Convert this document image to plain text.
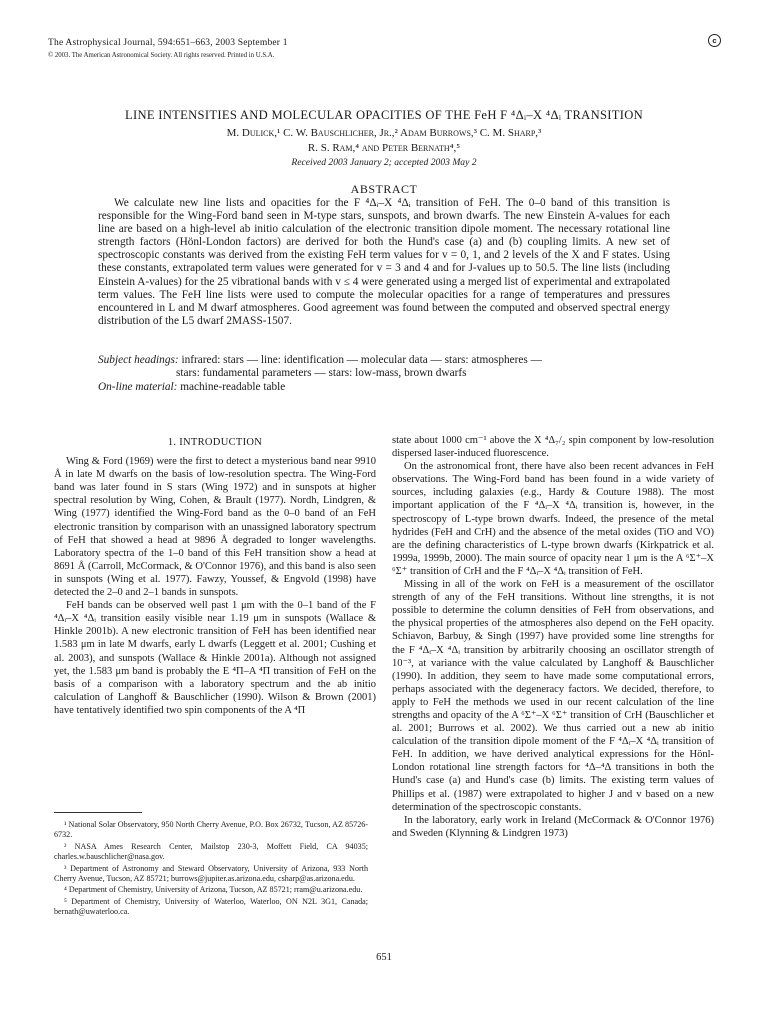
The Astrophysical Journal, 594:651–663, 2003 September 1
© 2003. The American Astronomical Society. All rights reserved. Printed in U.S.A.
c
LINE INTENSITIES AND MOLECULAR OPACITIES OF THE FeH F ⁴Δᵢ–X ⁴Δᵢ TRANSITION
M. Dulick,¹ C. W. Bauschlicher, Jr.,² Adam Burrows,³ C. M. Sharp,³
R. S. Ram,⁴ and Peter Bernath⁴,⁵
Received 2003 January 2; accepted 2003 May 2
ABSTRACT

We calculate new line lists and opacities for the F ⁴Δᵢ–X ⁴Δᵢ transition of FeH. The 0–0 band of this transition is responsible for the Wing-Ford band seen in M-type stars, sunspots, and brown dwarfs. The new Einstein A-values for each line are based on a high-level ab initio calculation of the electronic transition dipole moment. The necessary rotational line strength factors (Hönl-London factors) are derived for both the Hund's case (a) and (b) coupling limits. A new set of spectroscopic constants was derived from the existing FeH term values for v = 0, 1, and 2 levels of the X and F states. Using these constants, extrapolated term values were generated for v = 3 and 4 and for J-values up to 50.5. The line lists (including Einstein A-values) for the 25 vibrational bands with v ≤ 4 were generated using a merged list of experimental and extrapolated term values. The FeH line lists were used to compute the molecular opacities for a range of temperatures and pressures encountered in L and M dwarf atmospheres. Good agreement was found between the computed and observed spectral energy distribution of the L5 dwarf 2MASS-1507.

Subject headings: infrared: stars — line: identification — molecular data — stars: atmospheres —
stars: fundamental parameters — stars: low-mass, brown dwarfs
On-line material: machine-readable table
1. INTRODUCTION

Wing & Ford (1969) were the first to detect a mysterious band near 9910 Å in late M dwarfs on the basis of low-resolution spectra. The Wing-Ford band was later found in S stars (Wing 1972) and in sunspots at higher spectral resolution by Wing, Cohen, & Brault (1977). Nordh, Lindgren, & Wing (1977) identified the Wing-Ford band as the 0–0 band of an FeH electronic transition by comparison with an unassigned laboratory spectrum of FeH that showed a head at 9896 Å degraded to longer wavelengths. Laboratory spectra of the 1–0 band of this FeH transition show a head at 8691 Å (Carroll, McCormack, & O'Connor 1976), and this band is also seen in sunspots (Wing et al. 1977). Fawzy, Youssef, & Engvold (1998) have detected the 2–0 and 2–1 bands in sunspots.

FeH bands can be observed well past 1 μm with the 0–1 band of the F ⁴Δᵢ–X ⁴Δᵢ transition easily visible near 1.19 μm in sunspots (Wallace & Hinkle 2001b). A new electronic transition of FeH has been identified near 1.583 μm in late M dwarfs, early L dwarfs (Leggett et al. 2001; Cushing et al. 2003), and sunspots (Wallace & Hinkle 2001a). Although not assigned yet, the 1.583 μm band is probably the E ⁴Π–A ⁴Π transition of FeH on the basis of a comparison with a laboratory spectrum and the ab initio calculation of Langhoff & Bauschlicher (1990). Wilson & Brown (2001) have tentatively identified two spin components of the A ⁴Π

¹ National Solar Observatory, 950 North Cherry Avenue, P.O. Box 26732, Tucson, AZ 85726-6732.

² NASA Ames Research Center, Mailstop 230-3, Moffett Field, CA 94035; charles.w.bauschlicher@nasa.gov.

³ Department of Astronomy and Steward Observatory, University of Arizona, 933 North Cherry Avenue, Tucson, AZ 85721; burrows@jupiter.as.arizona.edu, csharp@as.arizona.edu.

⁴ Department of Chemistry, University of Arizona, Tucson, AZ 85721; rram@u.arizona.edu.

⁵ Department of Chemistry, University of Waterloo, Waterloo, ON N2L 3G1, Canada; bernath@uwaterloo.ca.

state about 1000 cm⁻¹ above the X ⁴Δ₇/₂ spin component by low-resolution dispersed laser-induced fluorescence.

On the astronomical front, there have also been recent advances in FeH observations. The Wing-Ford band has been found in a wide variety of sources, including galaxies (e.g., Hardy & Couture 1988). The most important application of the F ⁴Δᵢ–X ⁴Δᵢ transition is, however, in the spectroscopy of L-type brown dwarfs. Indeed, the presence of the metal hydrides (FeH and CrH) and the absence of the metal oxides (TiO and VO) are the defining characteristics of L-type brown dwarfs (Kirkpatrick et al. 1999a, 1999b, 2000). The main source of opacity near 1 μm is the A ⁶Σ⁺–X ⁶Σ⁺ transition of CrH and the F ⁴Δᵢ–X ⁴Δᵢ transition of FeH.

Missing in all of the work on FeH is a measurement of the oscillator strength of any of the FeH transitions. Without line strengths, it is not possible to determine the column densities of FeH from observations, and the physical properties of the atmospheres also depend on the FeH opacity. Schiavon, Barbuy, & Singh (1997) have provided some line strengths for the F ⁴Δᵢ–X ⁴Δᵢ transition by arbitrarily choosing an oscillator strength of 10⁻³, at variance with the value calculated by Langhoff & Bauschlicher (1990). In addition, they seem to have made some computational errors, perhaps associated with the degeneracy factors. We decided, therefore, to apply to FeH the methods we used in our recent calculation of the line strengths and opacity of the A ⁶Σ⁺–X ⁶Σ⁺ transition of CrH (Bauschlicher et al. 2001; Burrows et al. 2002). We thus carried out a new ab initio calculation of the transition dipole moment of the F ⁴Δᵢ–X ⁴Δᵢ transition of FeH. In addition, we have derived analytical expressions for the Hönl-London rotational line strength factors for ⁴Δ–⁴Δ transitions in both the Hund's case (a) and Hund's case (b) limits. The existing term values of Phillips et al. (1987) were extrapolated to higher J and v based on a new determination of the spectroscopic constants.

In the laboratory, early work in Ireland (McCormack & O'Connor 1976) and Sweden (Klynning & Lindgren 1973)

651
